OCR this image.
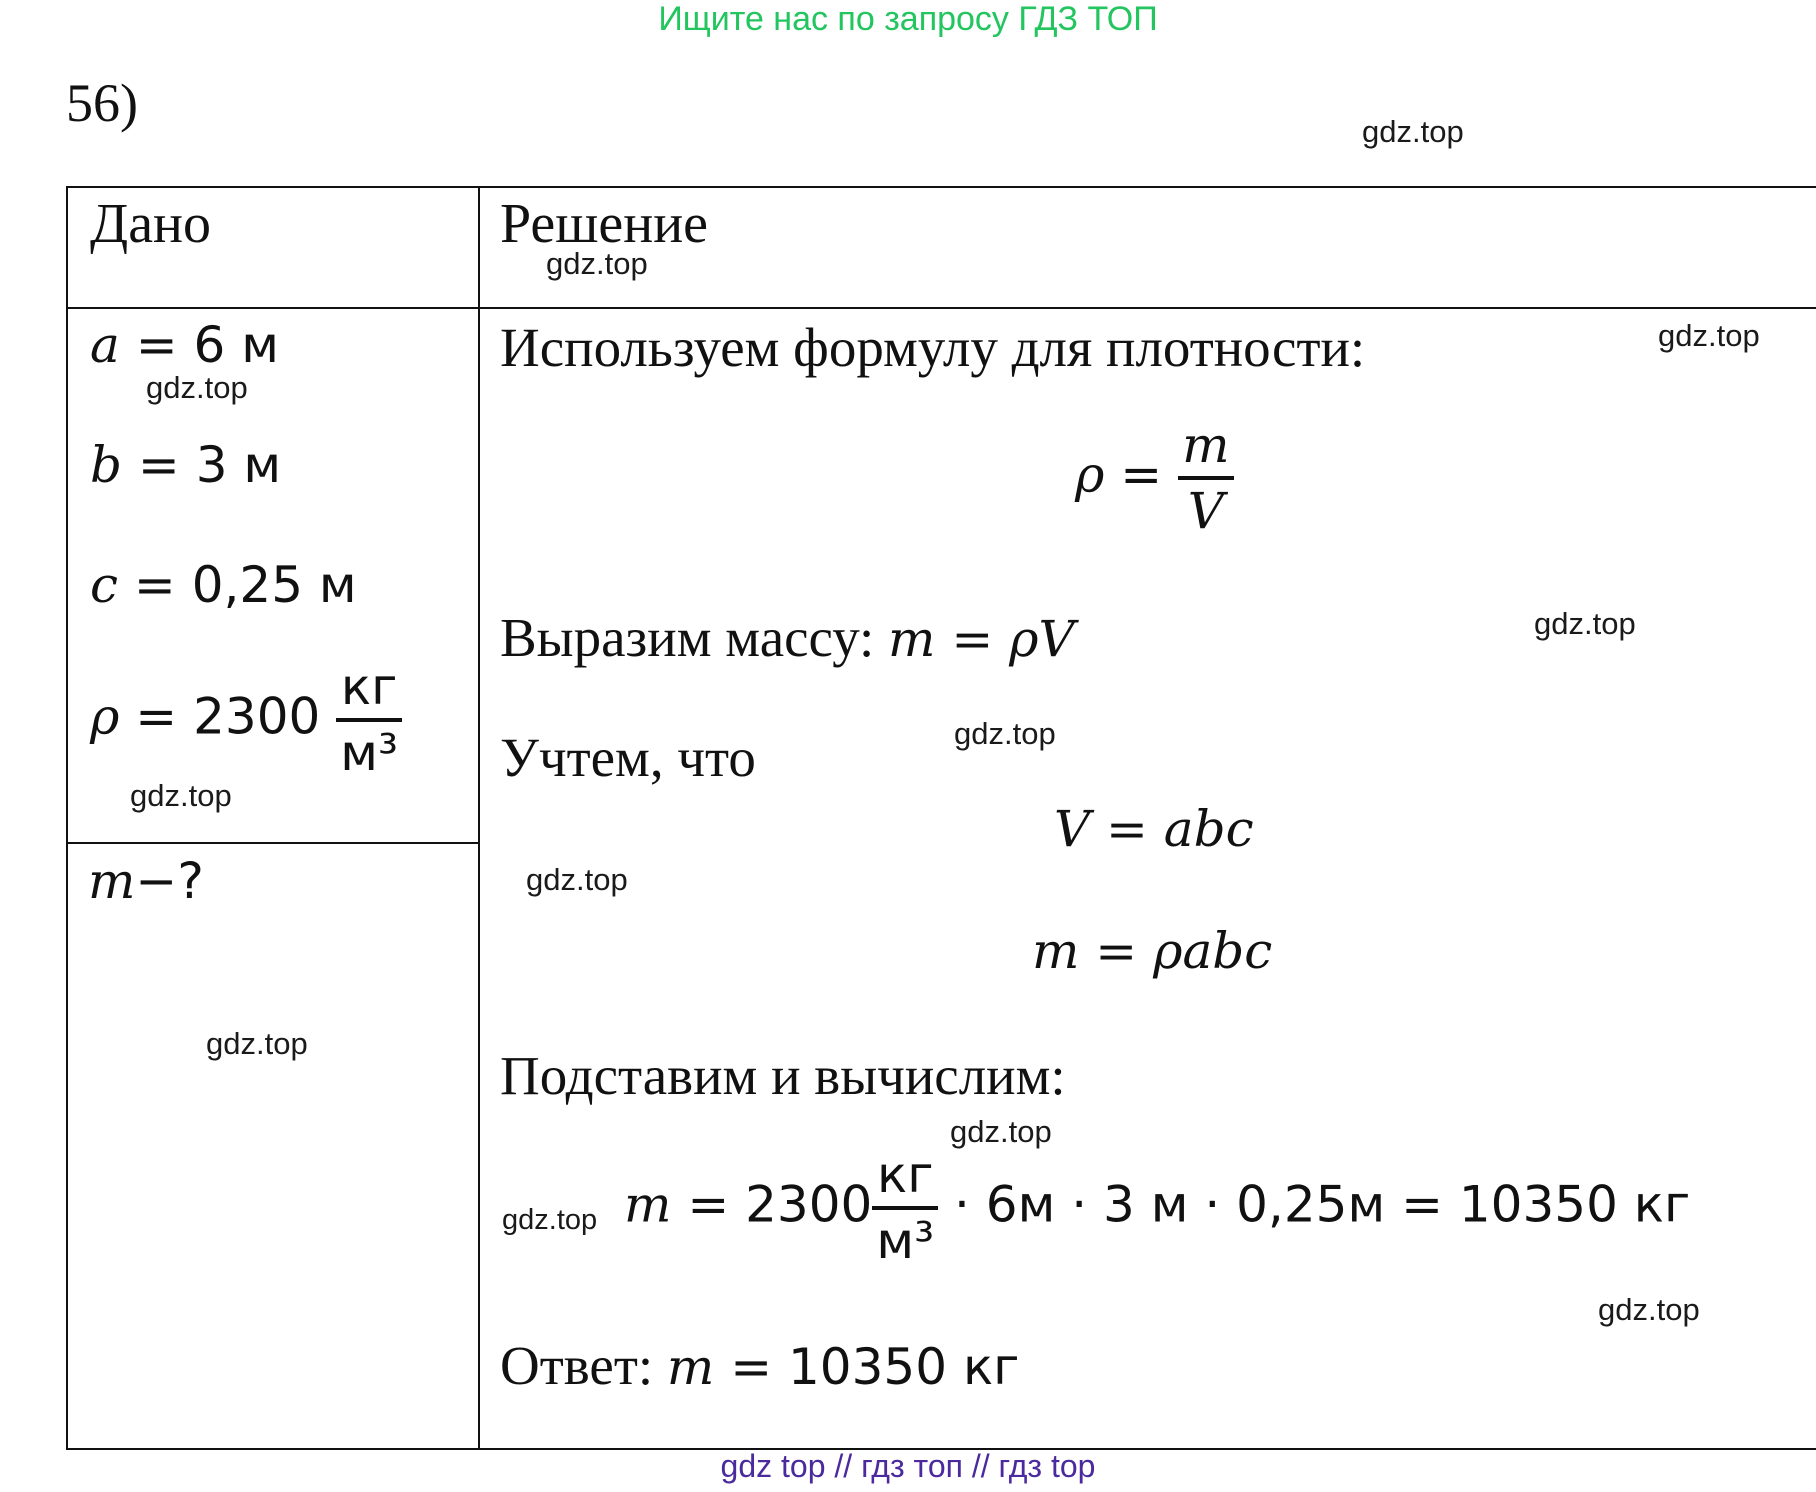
Ищите нас по запросу ГДЗ ТОП
56)	gdz.top
gdz.top
gdz.top
gdz.top
gdz.top
gdz.top
gdz.top
gdz.top
gdz.top
gdz.top
gdz.top
gdz.top
Дано	Решение
a = 6 м
b = 3 м
c = 0,25 м
$\rho = 2300 \frac{кг}{\text{м³}}$
m−?
Используем формулу для плотности:
$\rho = \frac{m}{V}$
Выразим массу: m = ρV
Учтем, что
V = abc
m = ρabc
Подставим и вычислим:
$m = 2300 \frac{кг}{\text{м³}} \cdot 6м \cdot 3$ м · 0,25м = 10350 кг
Ответ: m = 10350 кг
gdz top // гдз топ // гдз top
